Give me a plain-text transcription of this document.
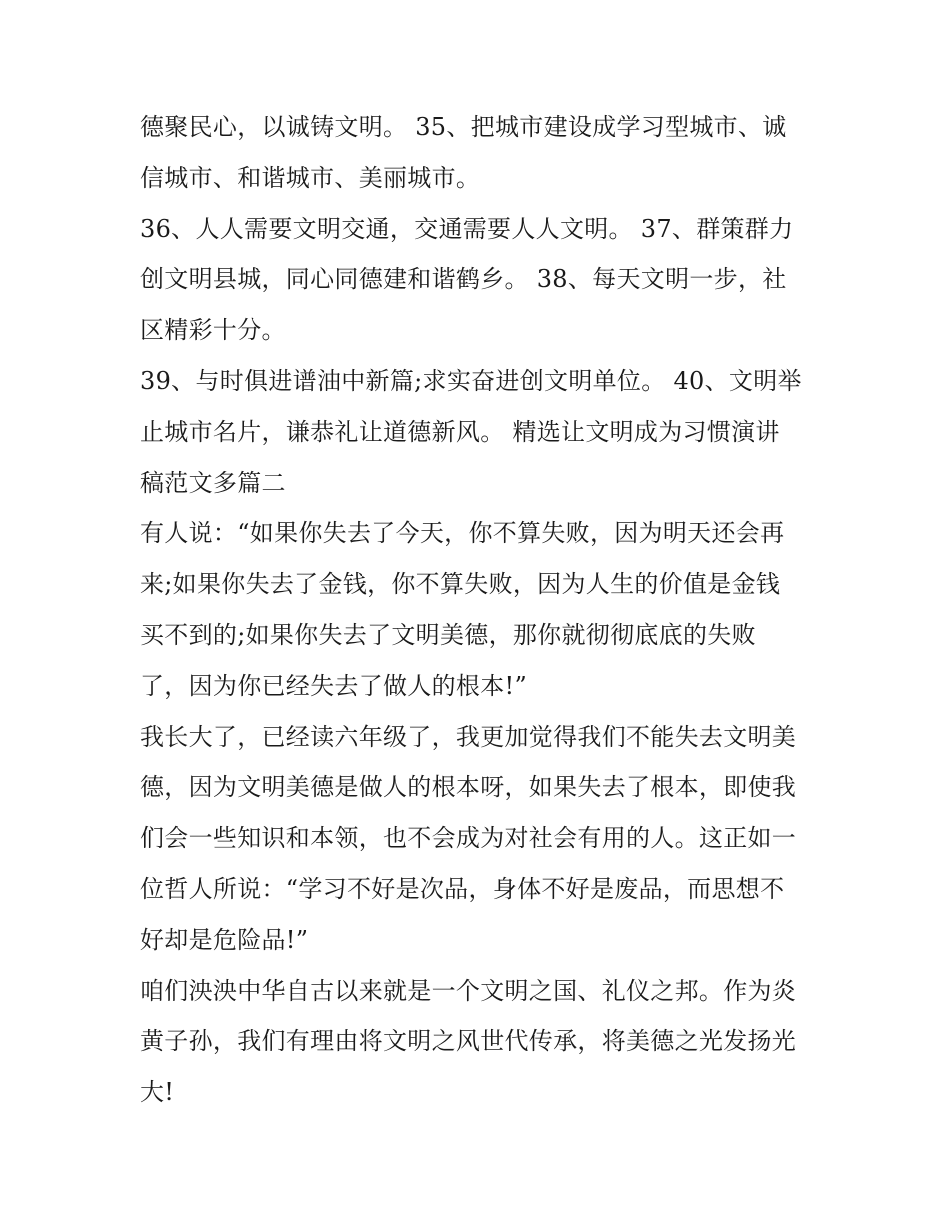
德聚民心，以诚铸文明。 35、把城市建设成学习型城市、诚
信城市、和谐城市、美丽城市。
36、人人需要文明交通，交通需要人人文明。 37、群策群力
创文明县城，同心同德建和谐鹤乡。 38、每天文明一步，社
区精彩十分。
39、与时俱进谱油中新篇;求实奋进创文明单位。 40、文明举
止城市名片，谦恭礼让道德新风。 精选让文明成为习惯演讲
稿范文多篇二
有人说：“如果你失去了今天，你不算失败，因为明天还会再
来;如果你失去了金钱，你不算失败，因为人生的价值是金钱
买不到的;如果你失去了文明美德，那你就彻彻底底的失败
了，因为你已经失去了做人的根本!”
我长大了，已经读六年级了，我更加觉得我们不能失去文明美
德，因为文明美德是做人的根本呀，如果失去了根本，即使我
们会一些知识和本领，也不会成为对社会有用的人。这正如一
位哲人所说：“学习不好是次品，身体不好是废品，而思想不
好却是危险品!”
咱们泱泱中华自古以来就是一个文明之国、礼仪之邦。作为炎
黄子孙，我们有理由将文明之风世代传承，将美德之光发扬光
大!
